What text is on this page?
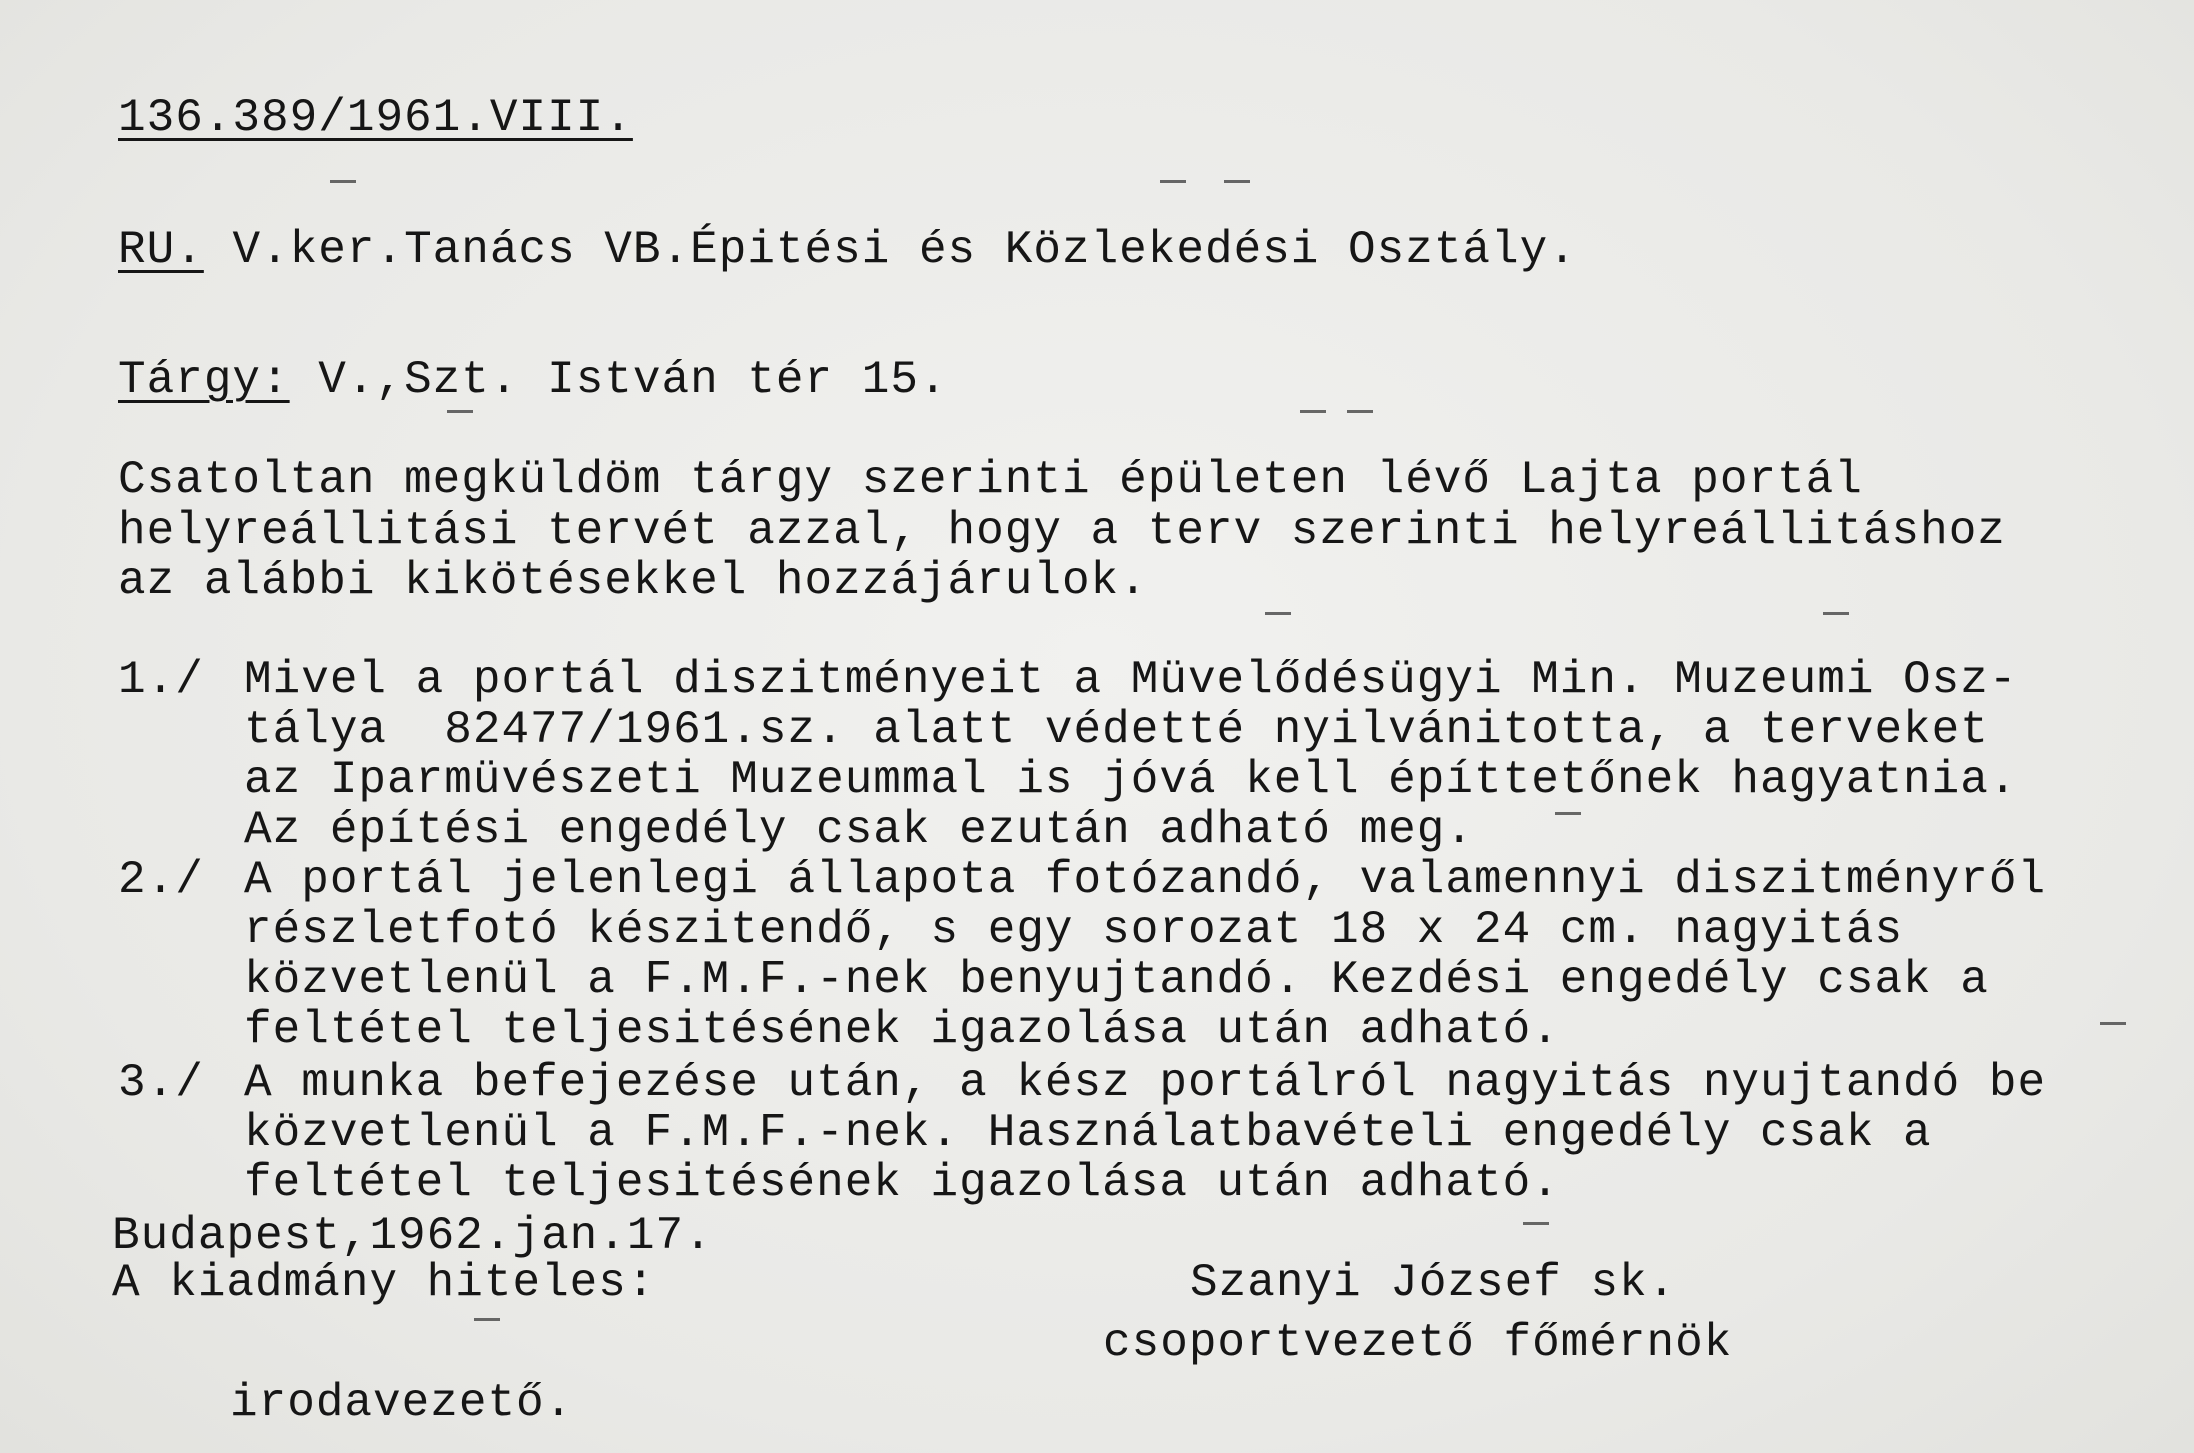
136.389/1961.VIII.
RU. V.ker.Tanács VB.Épitési és Közlekedési Osztály.
Tárgy: V.,Szt. István tér 15.
Csatoltan megküldöm tárgy szerinti épületen lévő Lajta portál
helyreállitási tervét azzal, hogy a terv szerinti helyreállitáshoz
az alábbi kikötésekkel hozzájárulok.
1./ Mivel a portál diszitményeit a Müvelődésügyi Min. Muzeumi Osz-
tálya  82477/1961.sz. alatt védetté nyilvánitotta, a terveket
az Iparmüvészeti Muzeummal is jóvá kell építtetőnek hagyatnia.
Az építési engedély csak ezután adható meg.
2./ A portál jelenlegi állapota fotózandó, valamennyi diszitményről
részletfotó készitendő, s egy sorozat 18 x 24 cm. nagyitás
közvetlenül a F.M.F.-nek benyujtandó. Kezdési engedély csak a
feltétel teljesitésének igazolása után adható.
3./ A munka befejezése után, a kész portálról nagyitás nyujtandó be
közvetlenül a F.M.F.-nek. Használatbavételi engedély csak a
feltétel teljesitésének igazolása után adható.
Budapest,1962.jan.17.
A kiadmány hiteles:	Szanyi József sk.
csoportvezető főmérnök
irodavezető.
